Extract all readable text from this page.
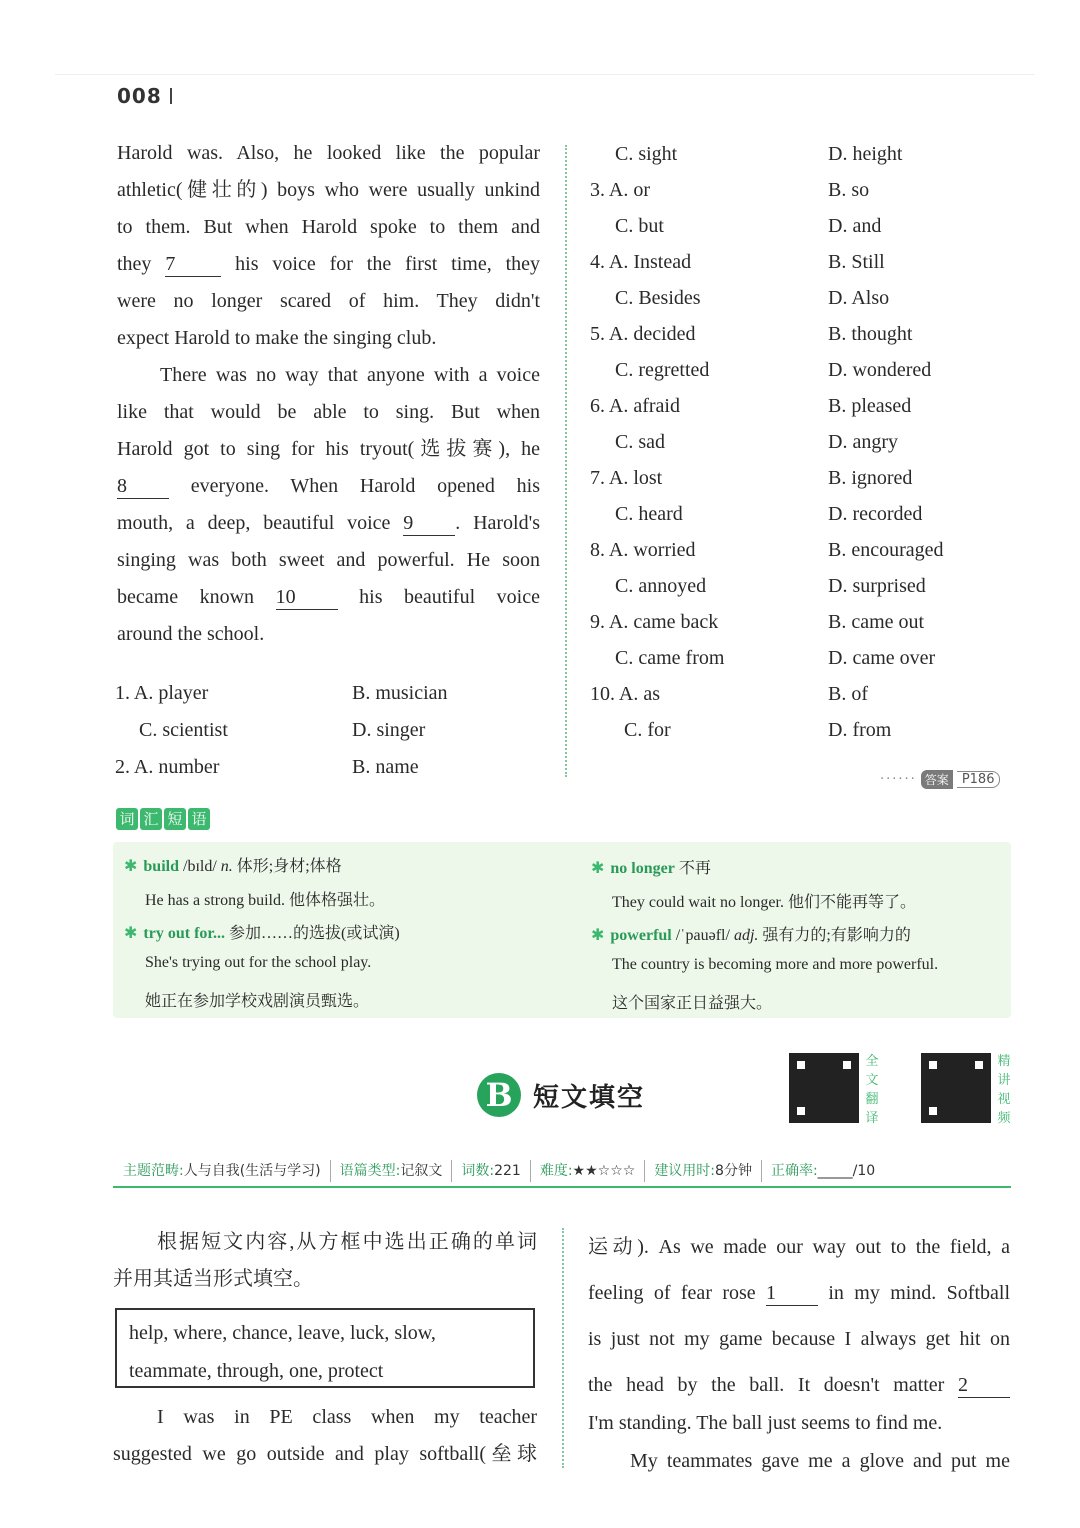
008
Harold was. Also, he looked like the popular
athletic(健壮的) boys who were usually unkind
to them. But when Harold spoke to them and
they 7 his voice for the first time, they
were no longer scared of him. They didn't
expect Harold to make the singing club.
There was no way that anyone with a voice
like that would be able to sing. But when
Harold got to sing for his tryout(选拔赛), he
8 everyone. When Harold opened his
mouth, a deep, beautiful voice 9 . Harold's
singing was both sweet and powerful. He soon
became known 10 his beautiful voice
around the school.
1. A. player	B. musician
C. scientist	D. singer
2. A. number	B. name
C. sight	D. height
3. A. or	B. so
C. but	D. and
4. A. Instead	B. Still
C. Besides	D. Also
5. A. decided	B. thought
C. regretted	D. wondered
6. A. afraid	B. pleased
C. sad	D. angry
7. A. lost	B. ignored
C. heard	D. recorded
8. A. worried	B. encouraged
C. annoyed	D. surprised
9. A. came back	B. came out
C. came from	D. came over
10. A. as	B. of
C. for	D. from
······ 答案	P186
词 汇 短 语
✱ build /bɪld/ n. 体形;身材;体格
He has a strong build. 他体格强壮。
✱ try out for... 参加……的选拔(或试演)
She's trying out for the school play.
她正在参加学校戏剧演员甄选。
✱ no longer 不再
They could wait no longer. 他们不能再等了。
✱ powerful /ˈpauəfl/ adj. 强有力的;有影响力的
The country is becoming more and more powerful.
这个国家正日益强大。
B 短文填空
全
文
翻
译
精
讲
视
频
主题范畴:人与自我(生活与学习)	语篇类型:记叙文	词数:221	难度:★★☆☆☆	建议用时:8分钟	正确率:_____/10
根据短文内容,从方框中选出正确的单词
并用其适当形式填空。
help, where, chance, leave, luck, slow,
teammate, through, one, protect
I was in PE class when my teacher
suggested we go outside and play softball(垒球
运动). As we made our way out to the field, a
feeling of fear rose 1 in my mind. Softball
is just not my game because I always get hit on
the head by the ball. It doesn't matter 2
I'm standing. The ball just seems to find me.
My teammates gave me a glove and put me
